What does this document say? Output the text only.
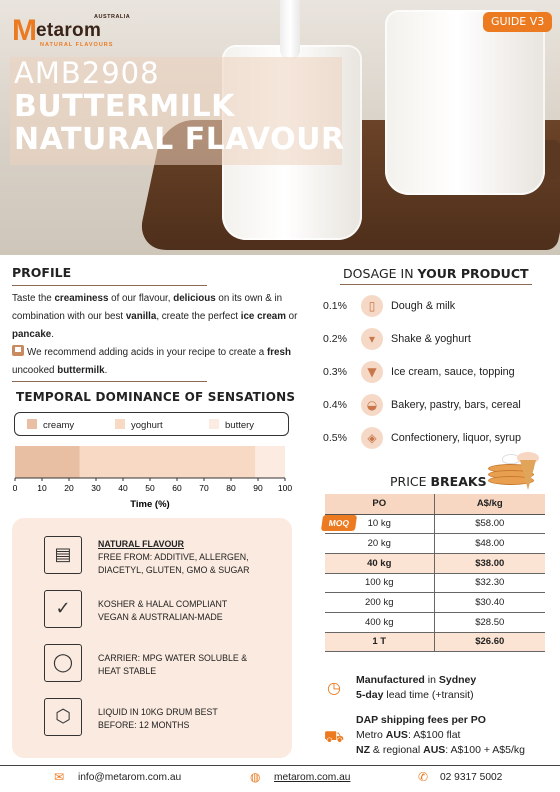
M etarom
AUSTRALIA
NATURAL FLAVOURS
GUIDE V3
AMB2908
BUTTERMILK
NATURAL FLAVOUR
PROFILE

Taste the creaminess of our flavour, delicious on its own & in combination with our best vanilla, create the perfect ice cream or pancake.

We recommend adding acids in your recipe to create a fresh uncooked buttermilk.

TEMPORAL DOMINANCE OF SENSATIONS
creamy	yoghurt	buttery
0 10 20 30 40 50 60 70 80 90 100
Time (%)
▤	NATURAL FLAVOUR
FREE FROM: ADDITIVE, ALLERGEN, DIACETYL, GLUTEN, GMO & SUGAR
✓	KOSHER & HALAL COMPLIANT VEGAN & AUSTRALIAN-MADE
◯	CARRIER: MPG WATER SOLUBLE & HEAT STABLE
⬡	LIQUID IN 10KG DRUM BEST BEFORE: 12 MONTHS
DOSAGE IN YOUR PRODUCT
0.1%	▯	Dough & milk
0.2%	▾	Shake & yoghurt
0.3%	▼	Ice cream, sauce, topping
0.4%	◒	Bakery, pastry, bars, cereal
0.5%	◈	Confectionery, liquor, syrup
PRICE BREAKS
PO	A$/kg
10 kg	$58.00
20 kg	$48.00
40 kg	$38.00
100 kg	$32.30
200 kg	$30.40
400 kg	$28.50
1 T	$26.60
MOQ
◷	Manufactured in Sydney
5-day lead time (+transit)
⛟
DAP shipping fees per PO
Metro AUS: A$100 flat
NZ & regional AUS: A$100 + A$5/kg
✉ info@metarom.com.au	◍ metarom.com.au	✆ 02 9317 5002
